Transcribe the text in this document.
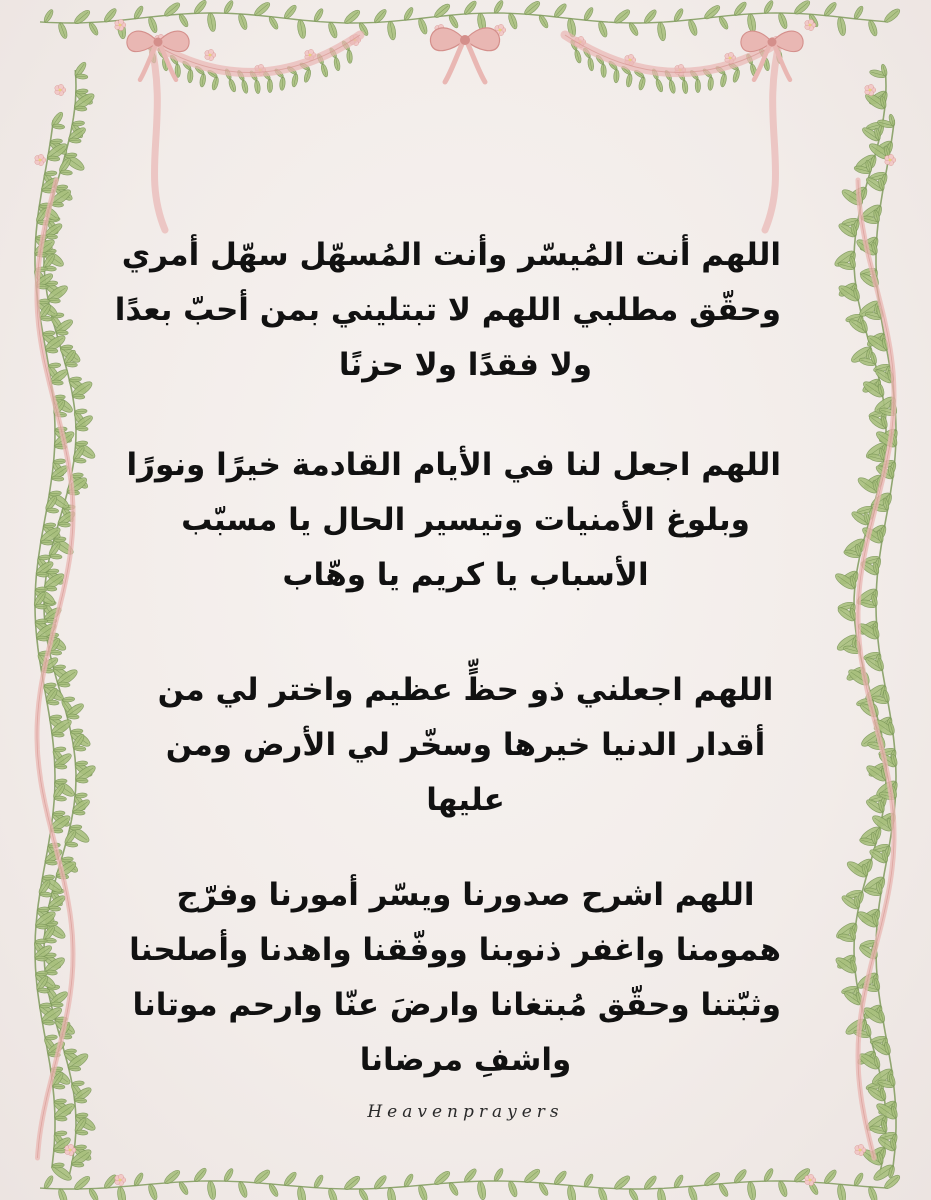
اللهم أنت المُيسّر وأنت المُسهّل سهّل أمري
وحقّق مطلبي اللهم لا تبتليني بمن أحبّ بعدًا
ولا فقدًا ولا حزنًا
اللهم اجعل لنا في الأيام القادمة خيرًا ونورًا
وبلوغ الأمنيات وتيسير الحال يا مسبّب
الأسباب يا كريم يا وهّاب
اللهم اجعلني ذو حظٍّ عظيم واختر لي من
أقدار الدنيا خيرها وسخّر لي الأرض ومن
عليها
اللهم اشرح صدورنا ويسّر أمورنا وفرّج
همومنا واغفر ذنوبنا ووفّقنا واهدنا وأصلحنا
وثبّتنا وحقّق مُبتغانا وارضَ عنّا وارحم موتانا
واشفِ مرضانا
Heavenprayers
